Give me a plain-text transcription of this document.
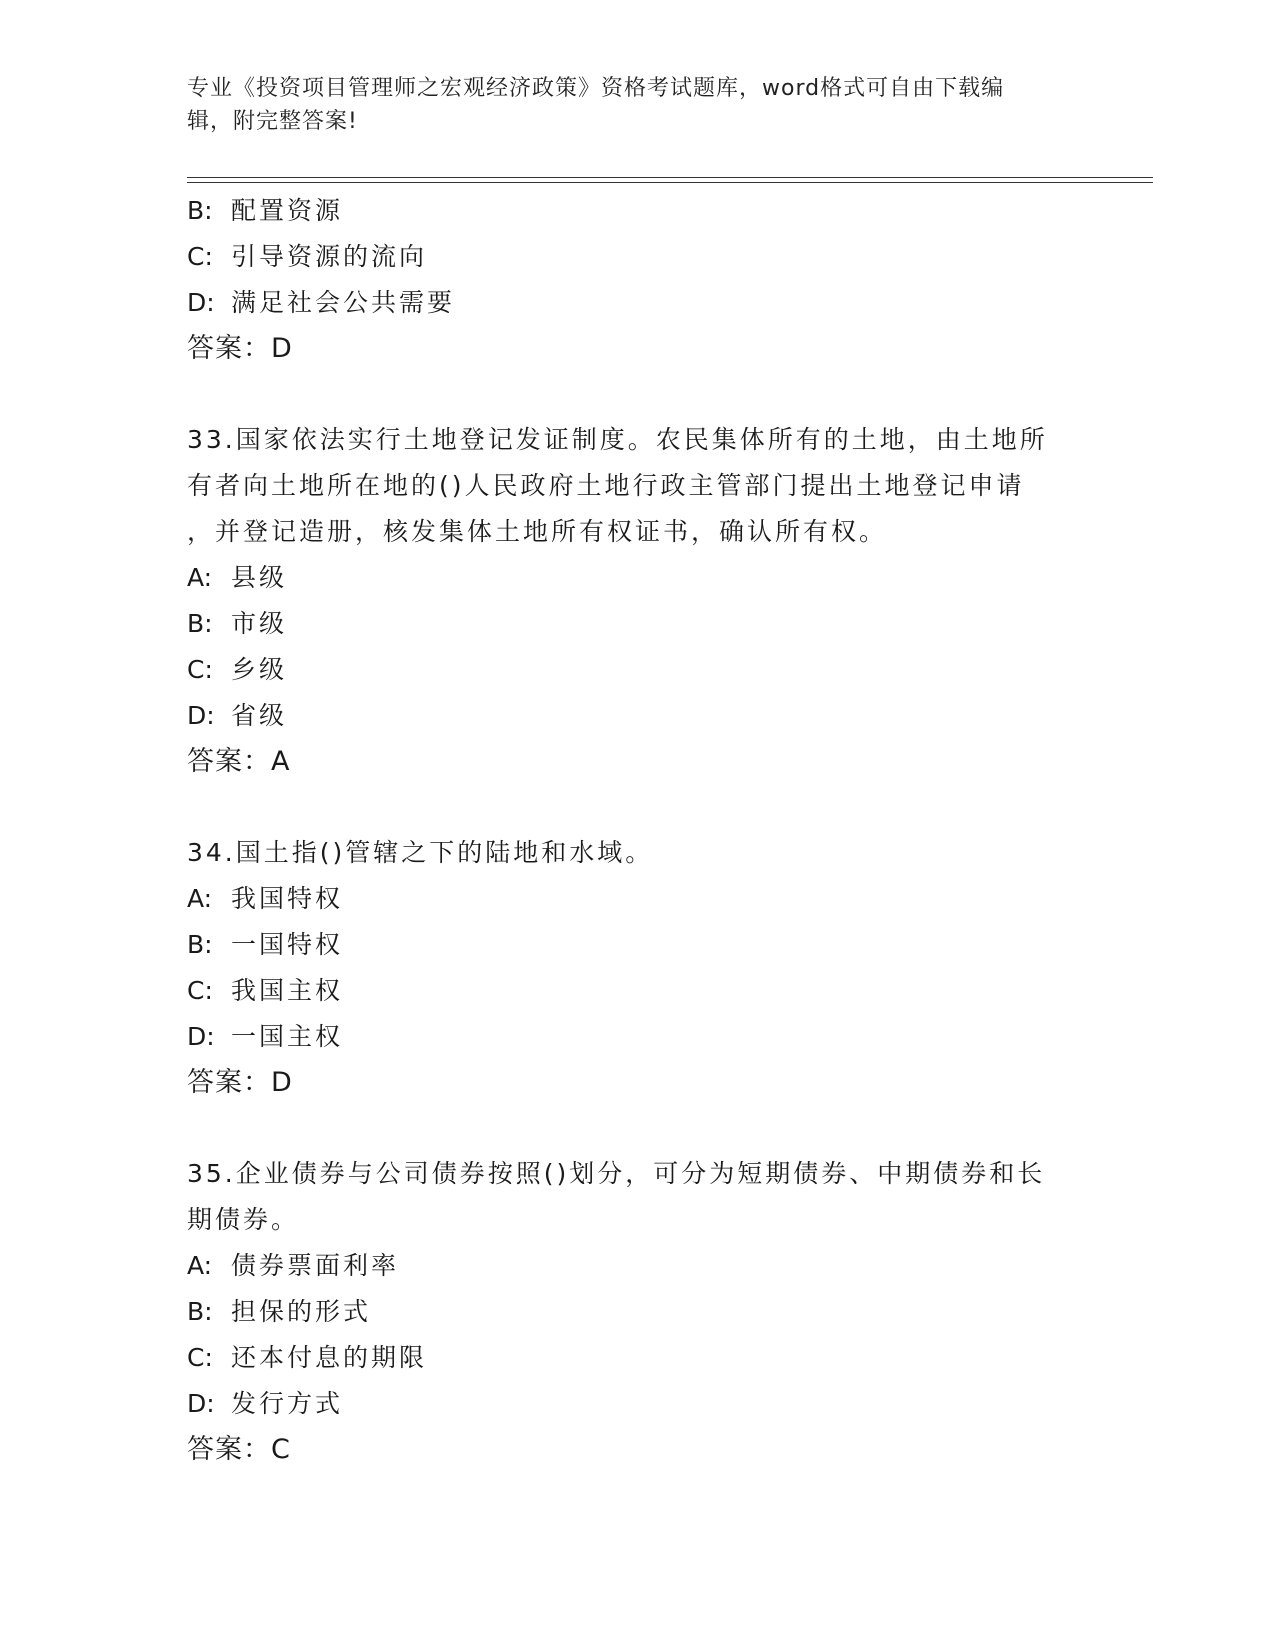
专业《投资项目管理师之宏观经济政策》资格考试题库，word格式可自由下载编
辑，附完整答案!
B: 配置资源
C: 引导资源的流向
D: 满足社会公共需要
答案：D
33.国家依法实行土地登记发证制度。农民集体所有的土地，由土地所
有者向土地所在地的()人民政府土地行政主管部门提出土地登记申请
，并登记造册，核发集体土地所有权证书，确认所有权。
A: 县级
B: 市级
C: 乡级
D: 省级
答案：A
34.国土指()管辖之下的陆地和水域。
A: 我国特权
B: 一国特权
C: 我国主权
D: 一国主权
答案：D
35.企业债券与公司债券按照()划分，可分为短期债券、中期债券和长
期债券。
A: 债券票面利率
B: 担保的形式
C: 还本付息的期限
D: 发行方式
答案：C
